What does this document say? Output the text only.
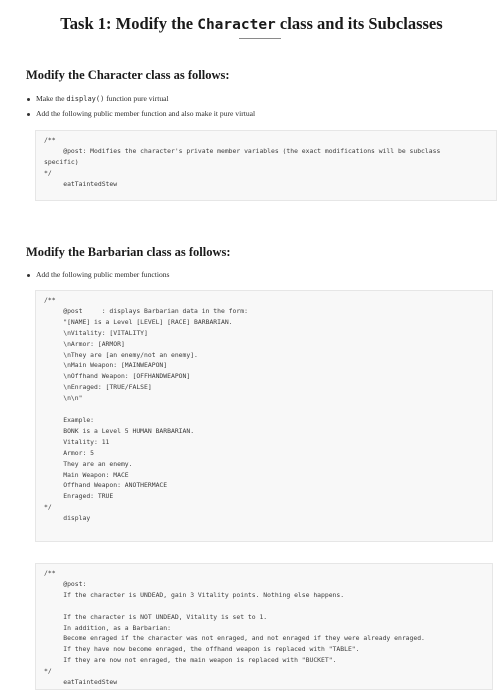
Task 1: Modify the Character class and its Subclasses
Modify the Character class as follows:
Make the display() function pure virtual
Add the following public member function and also make it pure virtual
/**
@post: Modifies the character's private member variables (the exact modifications will be subclass
specific)
*/
eatTaintedStew
Modify the Barbarian class as follows:
Add the following public member functions
/**
@post     : displays Barbarian data in the form:
"[NAME] is a Level [LEVEL] [RACE] BARBARIAN.
\nVitality: [VITALITY]
\nArmor: [ARMOR]
\nThey are [an enemy/not an enemy].
\nMain Weapon: [MAINWEAPON]
\nOffhand Weapon: [OFFHANDWEAPON]
\nEnraged: [TRUE/FALSE]
\n\n"

Example:
BONK is a Level 5 HUMAN BARBARIAN.
Vitality: 11
Armor: 5
They are an enemy.
Main Weapon: MACE
Offhand Weapon: ANOTHERMACE
Enraged: TRUE
*/
display
/**
@post:
If the character is UNDEAD, gain 3 Vitality points. Nothing else happens.

If the character is NOT UNDEAD, Vitality is set to 1.
In addition, as a Barbarian:
Become enraged if the character was not enraged, and not enraged if they were already enraged.
If they have now become enraged, the offhand weapon is replaced with "TABLE".
If they are now not enraged, the main weapon is replaced with "BUCKET".
*/
eatTaintedStew
